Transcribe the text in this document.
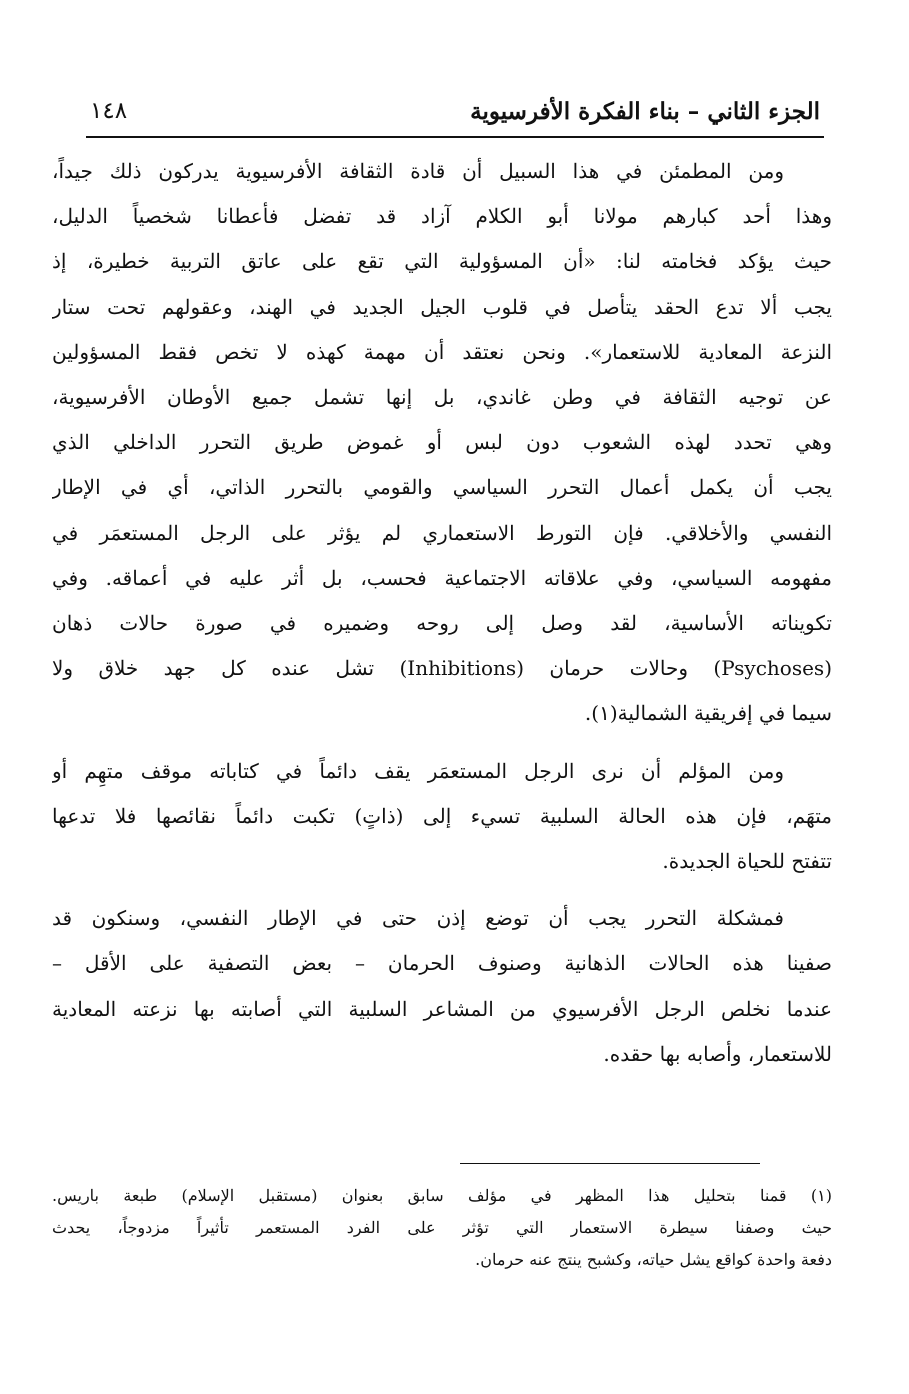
الجزء الثاني – بناء الفكرة الأفرسيوية
١٤٨
ومن المطمئن في هذا السبيل أن قادة الثقافة الأفرسيوية يدركون ذلك جيداً،
وهذا أحد كبارهم مولانا أبو الكلام آزاد قد تفضل فأعطانا شخصياً الدليل،
حيث يؤكد فخامته لنا: «أن المسؤولية التي تقع على عاتق التربية خطيرة، إذ
يجب ألا تدع الحقد يتأصل في قلوب الجيل الجديد في الهند، وعقولهم تحت ستار
النزعة المعادية للاستعمار». ونحن نعتقد أن مهمة كهذه لا تخص فقط المسؤولين
عن توجيه الثقافة في وطن غاندي، بل إنها تشمل جميع الأوطان الأفرسيوية،
وهي تحدد لهذه الشعوب دون لبس أو غموض طريق التحرر الداخلي الذي
يجب أن يكمل أعمال التحرر السياسي والقومي بالتحرر الذاتي، أي في الإطار
النفسي والأخلاقي. فإن التورط الاستعماري لم يؤثر على الرجل المستعمَر في
مفهومه السياسي، وفي علاقاته الاجتماعية فحسب، بل أثر عليه في أعماقه. وفي
تكويناته الأساسية، لقد وصل إلى روحه وضميره في صورة حالات ذهان
(Psychoses) وحالات حرمان (Inhibitions) تشل عنده كل جهد خلاق ولا
سيما في إفريقية الشمالية(١).
ومن المؤلم أن نرى الرجل المستعمَر يقف دائماً في كتاباته موقف متهِم أو
متهَم، فإن هذه الحالة السلبية تسيء إلى (ذاتٍ) تكبت دائماً نقائصها فلا تدعها
تتفتح للحياة الجديدة.
فمشكلة التحرر يجب أن توضع إذن حتى في الإطار النفسي، وسنكون قد
صفينا هذه الحالات الذهانية وصنوف الحرمان – بعض التصفية على الأقل –
عندما نخلص الرجل الأفرسيوي من المشاعر السلبية التي أصابته بها نزعته المعادية
للاستعمار، وأصابه بها حقده.
(١) قمنا بتحليل هذا المظهر في مؤلف سابق بعنوان (مستقبل الإسلام) طبعة باريس.
حيث وصفنا سيطرة الاستعمار التي تؤثر على الفرد المستعمر تأثيراً مزدوجاً، يحدث
دفعة واحدة كواقع يشل حياته، وكشبح ينتج عنه حرمان.
